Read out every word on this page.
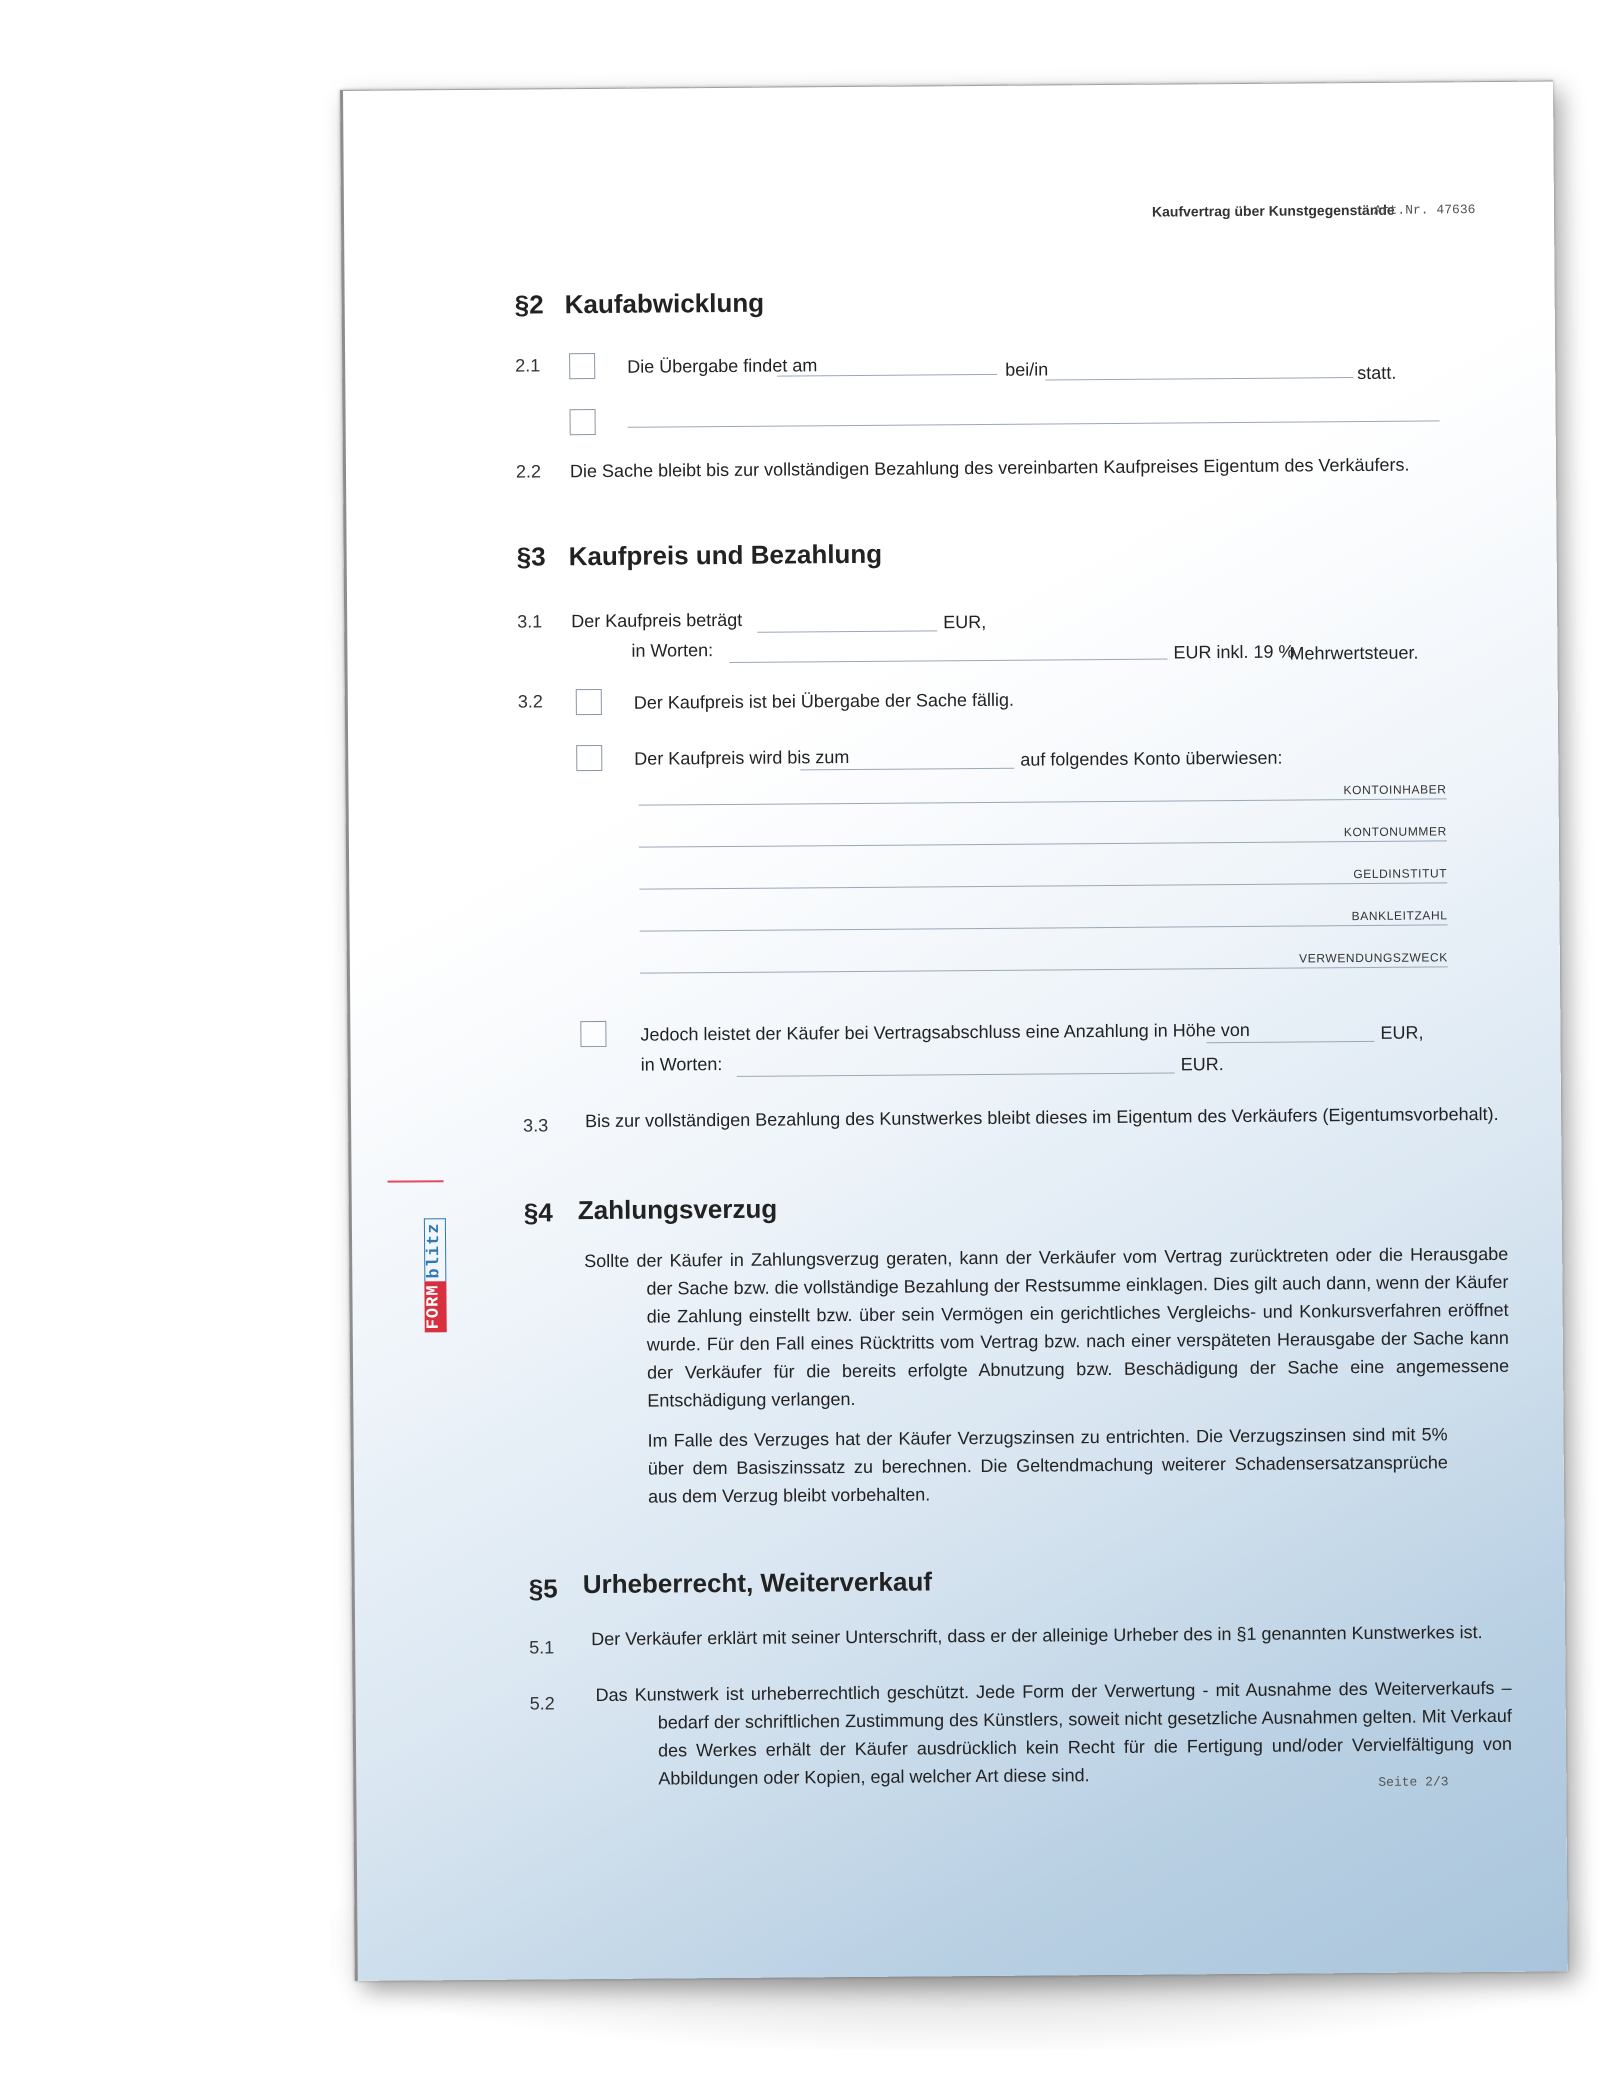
Kaufvertrag über Kunstgegenstände
Art.Nr. 47636
§2 Kaufabwicklung
2.1	Die Übergabe findet am	bei/in	statt.
2.2 Die Sache bleibt bis zur vollständigen Bezahlung des vereinbarten Kaufpreises Eigentum des Verkäufers.
§3 Kaufpreis und Bezahlung
3.1 Der Kaufpreis beträgt	EUR,
in Worten:	EUR inkl. 19 %
Mehrwertsteuer.
3.2	Der Kaufpreis ist bei Übergabe der Sache fällig.
Der Kaufpreis wird bis zum	auf folgendes Konto überwiesen:
KONTOINHABER
KONTONUMMER
GELDINSTITUT
BANKLEITZAHL
VERWENDUNGSZWECK
Jedoch leistet der Käufer bei Vertragsabschluss eine Anzahlung in Höhe von	EUR,
in Worten:	EUR.
3.3 Bis zur vollständigen Bezahlung des Kunstwerkes bleibt dieses im Eigentum des Verkäufers (Eigentumsvorbehalt).
§4 Zahlungsverzug
Sollte der Käufer in Zahlungsverzug geraten, kann der Verkäufer vom Vertrag zurücktreten oder die Herausgabe der Sache bzw. die vollständige Bezahlung der Restsumme einklagen. Dies gilt auch dann, wenn der Käufer die Zahlung einstellt bzw. über sein Vermögen ein gerichtliches Vergleichs- und Konkursverfahren eröffnet wurde. Für den Fall eines Rücktritts vom Vertrag bzw. nach einer verspäteten Herausgabe der Sache kann der Verkäufer für die bereits erfolgte Abnutzung bzw. Beschädigung der Sache eine angemessene Entschädigung verlangen.
Im Falle des Verzuges hat der Käufer Verzugszinsen zu entrichten. Die Verzugszinsen sind mit 5% über dem Basiszinssatz zu berechnen. Die Geltendmachung weiterer Schadensersatzansprüche aus dem Verzug bleibt vorbehalten.
§5 Urheberrecht, Weiterverkauf
5.1 Der Verkäufer erklärt mit seiner Unterschrift, dass er der alleinige Urheber des in §1 genannten Kunstwerkes ist.
5.2 Das Kunstwerk ist urheberrechtlich geschützt. Jede Form der Verwertung - mit Ausnahme des Weiterverkaufs – bedarf der schriftlichen Zustimmung des Künstlers, soweit nicht gesetzliche Ausnahmen gelten. Mit Verkauf des Werkes erhält der Käufer ausdrücklich kein Recht für die Fertigung und/oder Vervielfältigung von Abbildungen oder Kopien, egal welcher Art diese sind.	Seite 2/3
FORM
blitz
